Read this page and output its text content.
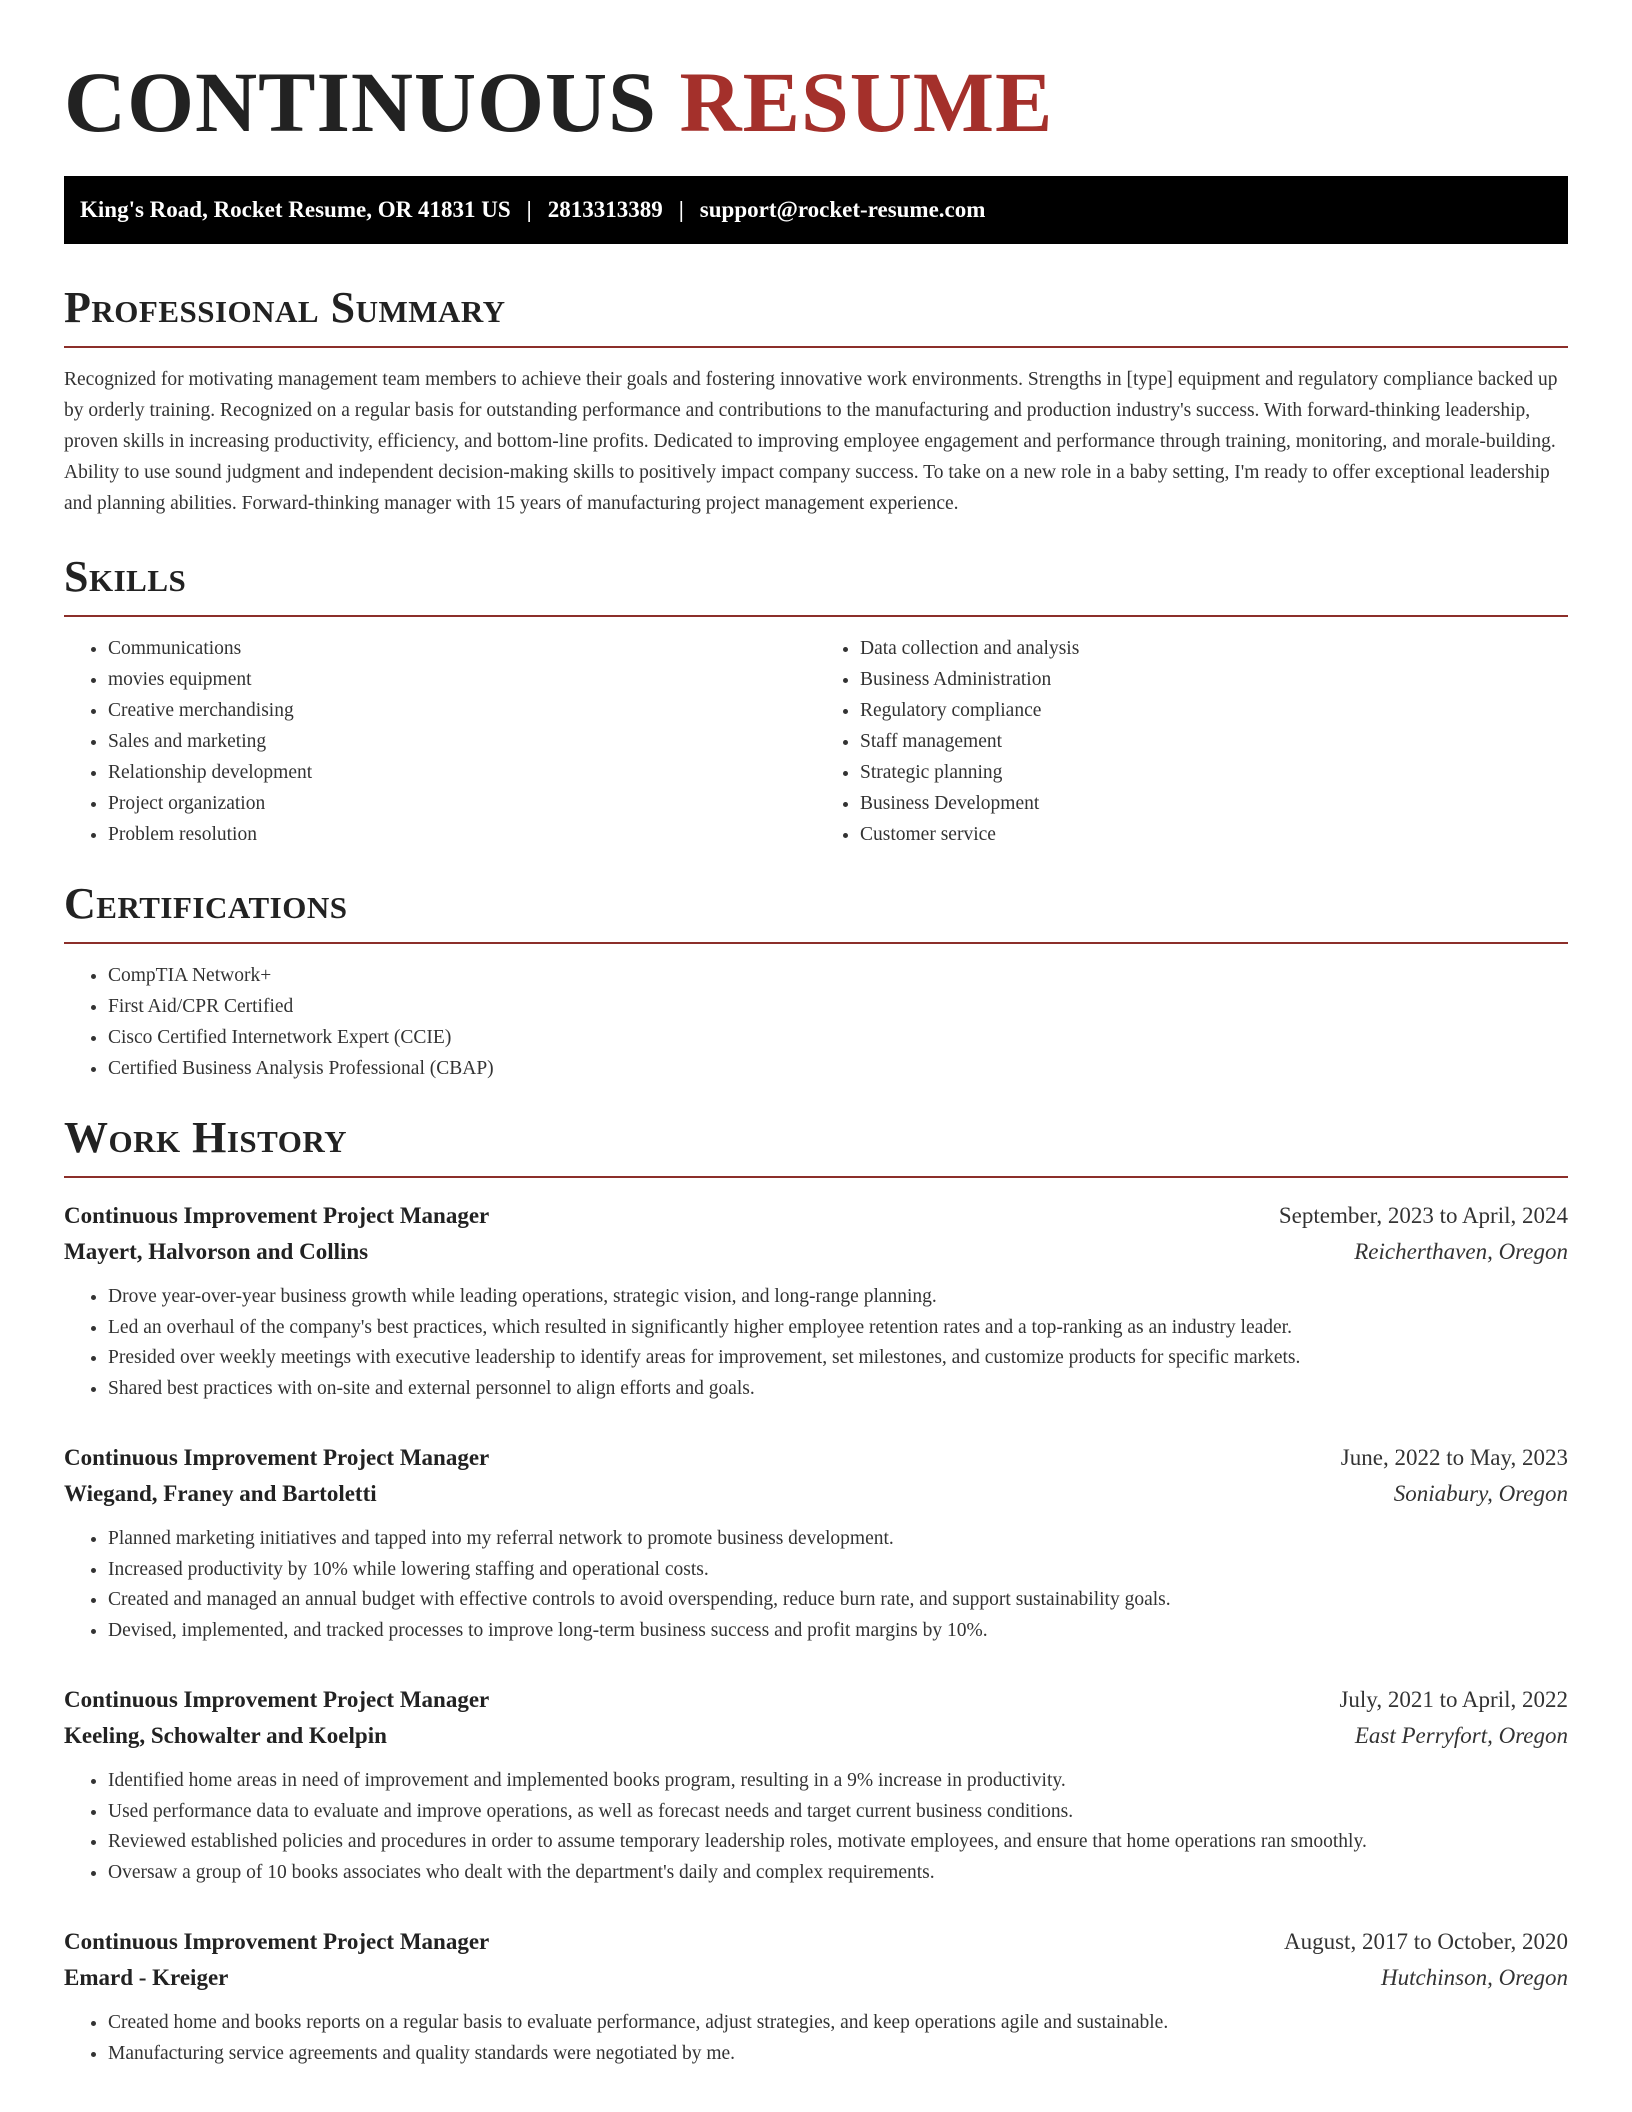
CONTINUOUS RESUME
King's Road, Rocket Resume, OR 41831 US | 2813313389 | support@rocket-resume.com
Professional Summary

Recognized for motivating management team members to achieve their goals and fostering innovative work environments. Strengths in [type] equipment and regulatory compliance backed up by orderly training. Recognized on a regular basis for outstanding performance and contributions to the manufacturing and production industry's success. With forward-thinking leadership, proven skills in increasing productivity, efficiency, and bottom-line profits. Dedicated to improving employee engagement and performance through training, monitoring, and morale-building. Ability to use sound judgment and independent decision-making skills to positively impact company success. To take on a new role in a baby setting, I'm ready to offer exceptional leadership and planning abilities. Forward-thinking manager with 15 years of manufacturing project management experience.

Skills
• Communications
• movies equipment
• Creative merchandising
• Sales and marketing
• Relationship development
• Project organization
• Problem resolution
• Data collection and analysis
• Business Administration
• Regulatory compliance
• Staff management
• Strategic planning
• Business Development
• Customer service
Certifications
• CompTIA Network+
• First Aid/CPR Certified
• Cisco Certified Internetwork Expert (CCIE)
• Certified Business Analysis Professional (CBAP)
Work History
Continuous Improvement Project Manager	September, 2023 to April, 2024
Mayert, Halvorson and Collins	Reicherthaven, Oregon
• Drove year-over-year business growth while leading operations, strategic vision, and long-range planning.
• Led an overhaul of the company's best practices, which resulted in significantly higher employee retention rates and a top-ranking as an industry leader.
• Presided over weekly meetings with executive leadership to identify areas for improvement, set milestones, and customize products for specific markets.
• Shared best practices with on-site and external personnel to align efforts and goals.
Continuous Improvement Project Manager	June, 2022 to May, 2023
Wiegand, Franey and Bartoletti	Soniabury, Oregon
• Planned marketing initiatives and tapped into my referral network to promote business development.
• Increased productivity by 10% while lowering staffing and operational costs.
• Created and managed an annual budget with effective controls to avoid overspending, reduce burn rate, and support sustainability goals.
• Devised, implemented, and tracked processes to improve long-term business success and profit margins by 10%.
Continuous Improvement Project Manager	July, 2021 to April, 2022
Keeling, Schowalter and Koelpin	East Perryfort, Oregon
• Identified home areas in need of improvement and implemented books program, resulting in a 9% increase in productivity.
• Used performance data to evaluate and improve operations, as well as forecast needs and target current business conditions.
• Reviewed established policies and procedures in order to assume temporary leadership roles, motivate employees, and ensure that home operations ran smoothly.
• Oversaw a group of 10 books associates who dealt with the department's daily and complex requirements.
Continuous Improvement Project Manager	August, 2017 to October, 2020
Emard - Kreiger	Hutchinson, Oregon
• Created home and books reports on a regular basis to evaluate performance, adjust strategies, and keep operations agile and sustainable.
• Manufacturing service agreements and quality standards were negotiated by me.
